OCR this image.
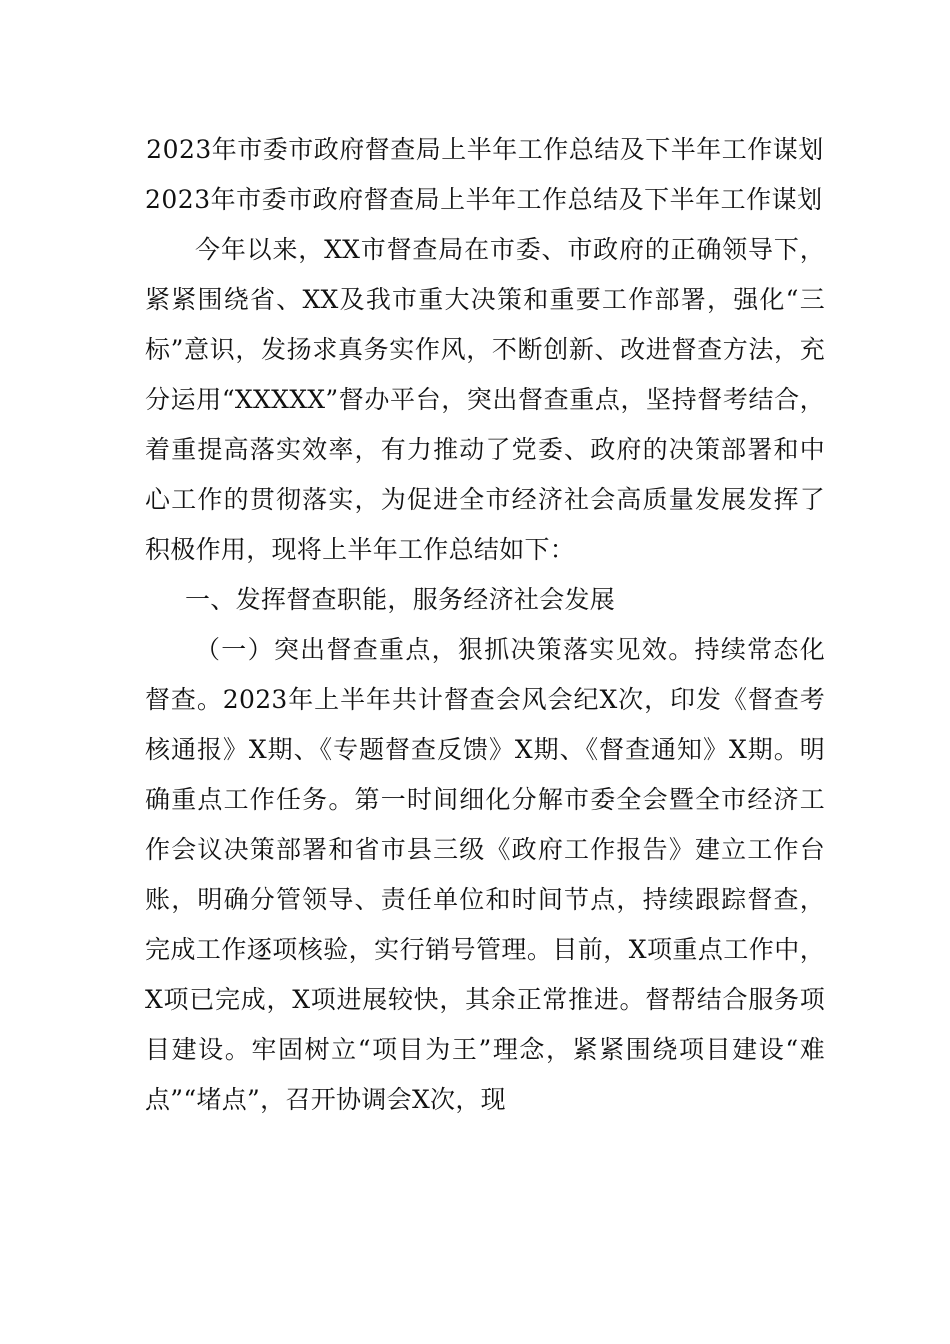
2023年市委市政府督查局上半年工作总结及下半年工作谋划
2023年市委市政府督查局上半年工作总结及下半年工作谋划

今年以来，XX市督查局在市委、市政府的正确领导下，紧紧围绕省、XX及我市重大决策和重要工作部署，强化“三标”意识，发扬求真务实作风，不断创新、改进督查方法，充分运用“XXXXX”督办平台，突出督查重点，坚持督考结合，着重提高落实效率，有力推动了党委、政府的决策部署和中心工作的贯彻落实，为促进全市经济社会高质量发展发挥了积极作用，现将上半年工作总结如下：

一、发挥督查职能，服务经济社会发展

（一）突出督查重点，狠抓决策落实见效。持续常态化督查。2023年上半年共计督查会风会纪X次，印发《督查考核通报》X期、《专题督查反馈》X期、《督查通知》X期。明确重点工作任务。第一时间细化分解市委全会暨全市经济工作会议决策部署和省市县三级《政府工作报告》建立工作台账，明确分管领导、责任单位和时间节点，持续跟踪督查，完成工作逐项核验，实行销号管理。目前，X项重点工作中，X项已完成，X项进展较快，其余正常推进。督帮结合服务项目建设。牢固树立“项目为王”理念，紧紧围绕项目建设“难点”“堵点”，召开协调会X次，现
